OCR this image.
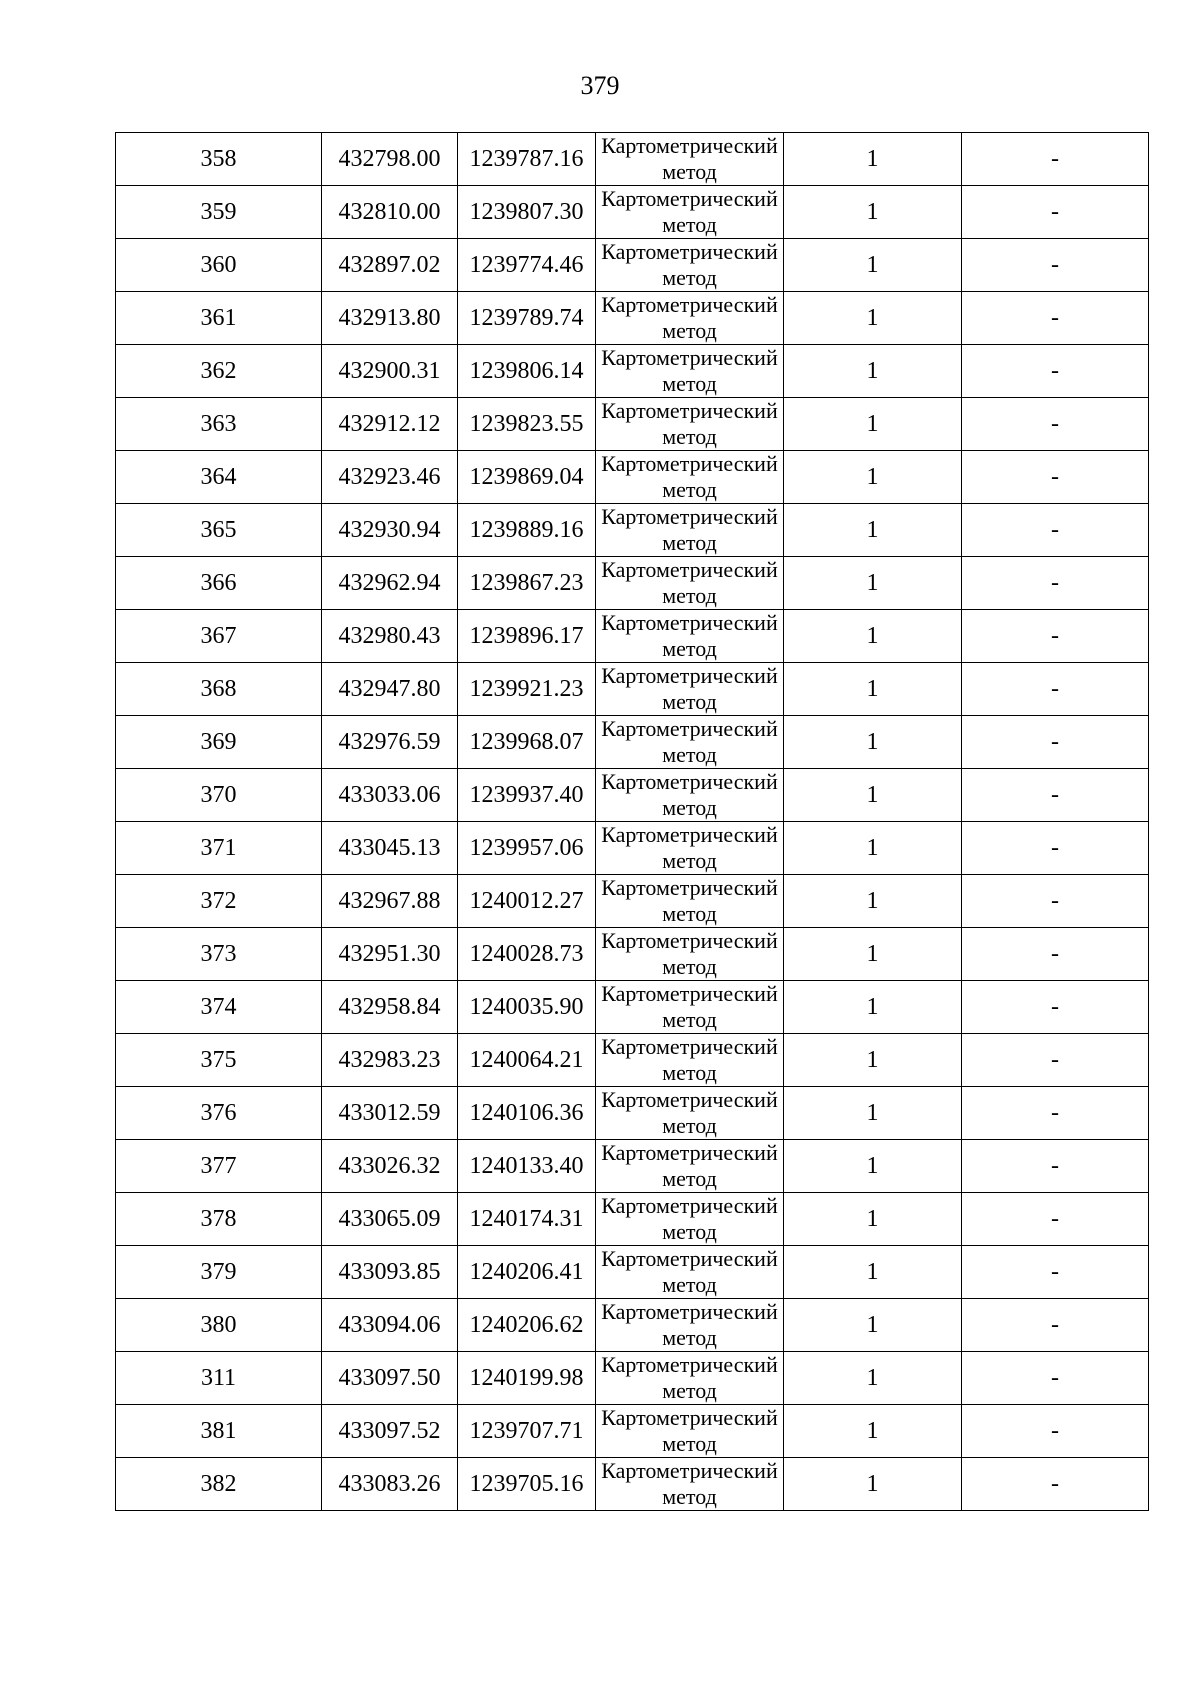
379
358	432798.00	1239787.16	Картометрический метод	1	-
359	432810.00	1239807.30	Картометрический метод	1	-
360	432897.02	1239774.46	Картометрический метод	1	-
361	432913.80	1239789.74	Картометрический метод	1	-
362	432900.31	1239806.14	Картометрический метод	1	-
363	432912.12	1239823.55	Картометрический метод	1	-
364	432923.46	1239869.04	Картометрический метод	1	-
365	432930.94	1239889.16	Картометрический метод	1	-
366	432962.94	1239867.23	Картометрический метод	1	-
367	432980.43	1239896.17	Картометрический метод	1	-
368	432947.80	1239921.23	Картометрический метод	1	-
369	432976.59	1239968.07	Картометрический метод	1	-
370	433033.06	1239937.40	Картометрический метод	1	-
371	433045.13	1239957.06	Картометрический метод	1	-
372	432967.88	1240012.27	Картометрический метод	1	-
373	432951.30	1240028.73	Картометрический метод	1	-
374	432958.84	1240035.90	Картометрический метод	1	-
375	432983.23	1240064.21	Картометрический метод	1	-
376	433012.59	1240106.36	Картометрический метод	1	-
377	433026.32	1240133.40	Картометрический метод	1	-
378	433065.09	1240174.31	Картометрический метод	1	-
379	433093.85	1240206.41	Картометрический метод	1	-
380	433094.06	1240206.62	Картометрический метод	1	-
311	433097.50	1240199.98	Картометрический метод	1	-
381	433097.52	1239707.71	Картометрический метод	1	-
382	433083.26	1239705.16	Картометрический метод	1	-
